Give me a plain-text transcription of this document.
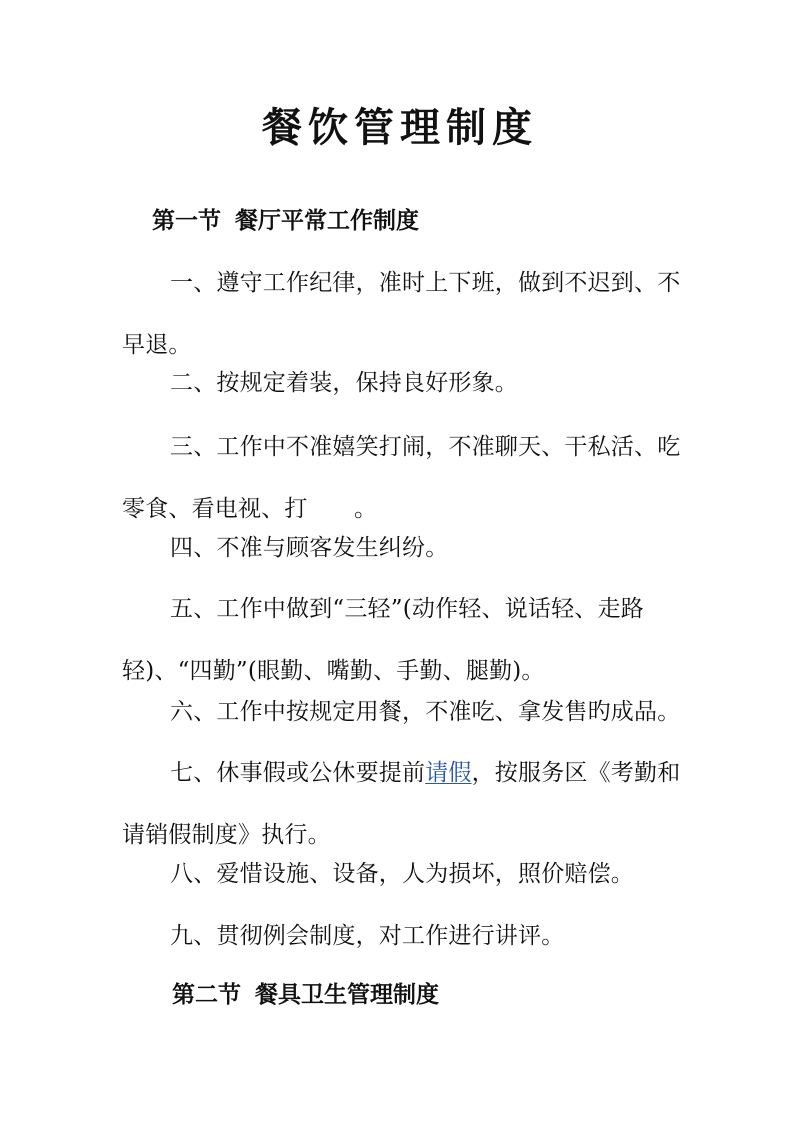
餐饮管理制度
第一节 餐厅平常工作制度

一、遵守工作纪律，准时上下班，做到不迟到、不早退。

二、按规定着装，保持良好形象。

三、工作中不准嬉笑打闹，不准聊天、干私活、吃零食、看电视、打　　。

四、不准与顾客发生纠纷。

五、工作中做到“三轻”(动作轻、说话轻、走路轻)、“四勤”(眼勤、嘴勤、手勤、腿勤)。

六、工作中按规定用餐，不准吃、拿发售旳成品。

七、休事假或公休要提前请假，按服务区《考勤和请销假制度》执行。

八、爱惜设施、设备，人为损坏，照价赔偿。

九、贯彻例会制度，对工作进行讲评。

第二节 餐具卫生管理制度
